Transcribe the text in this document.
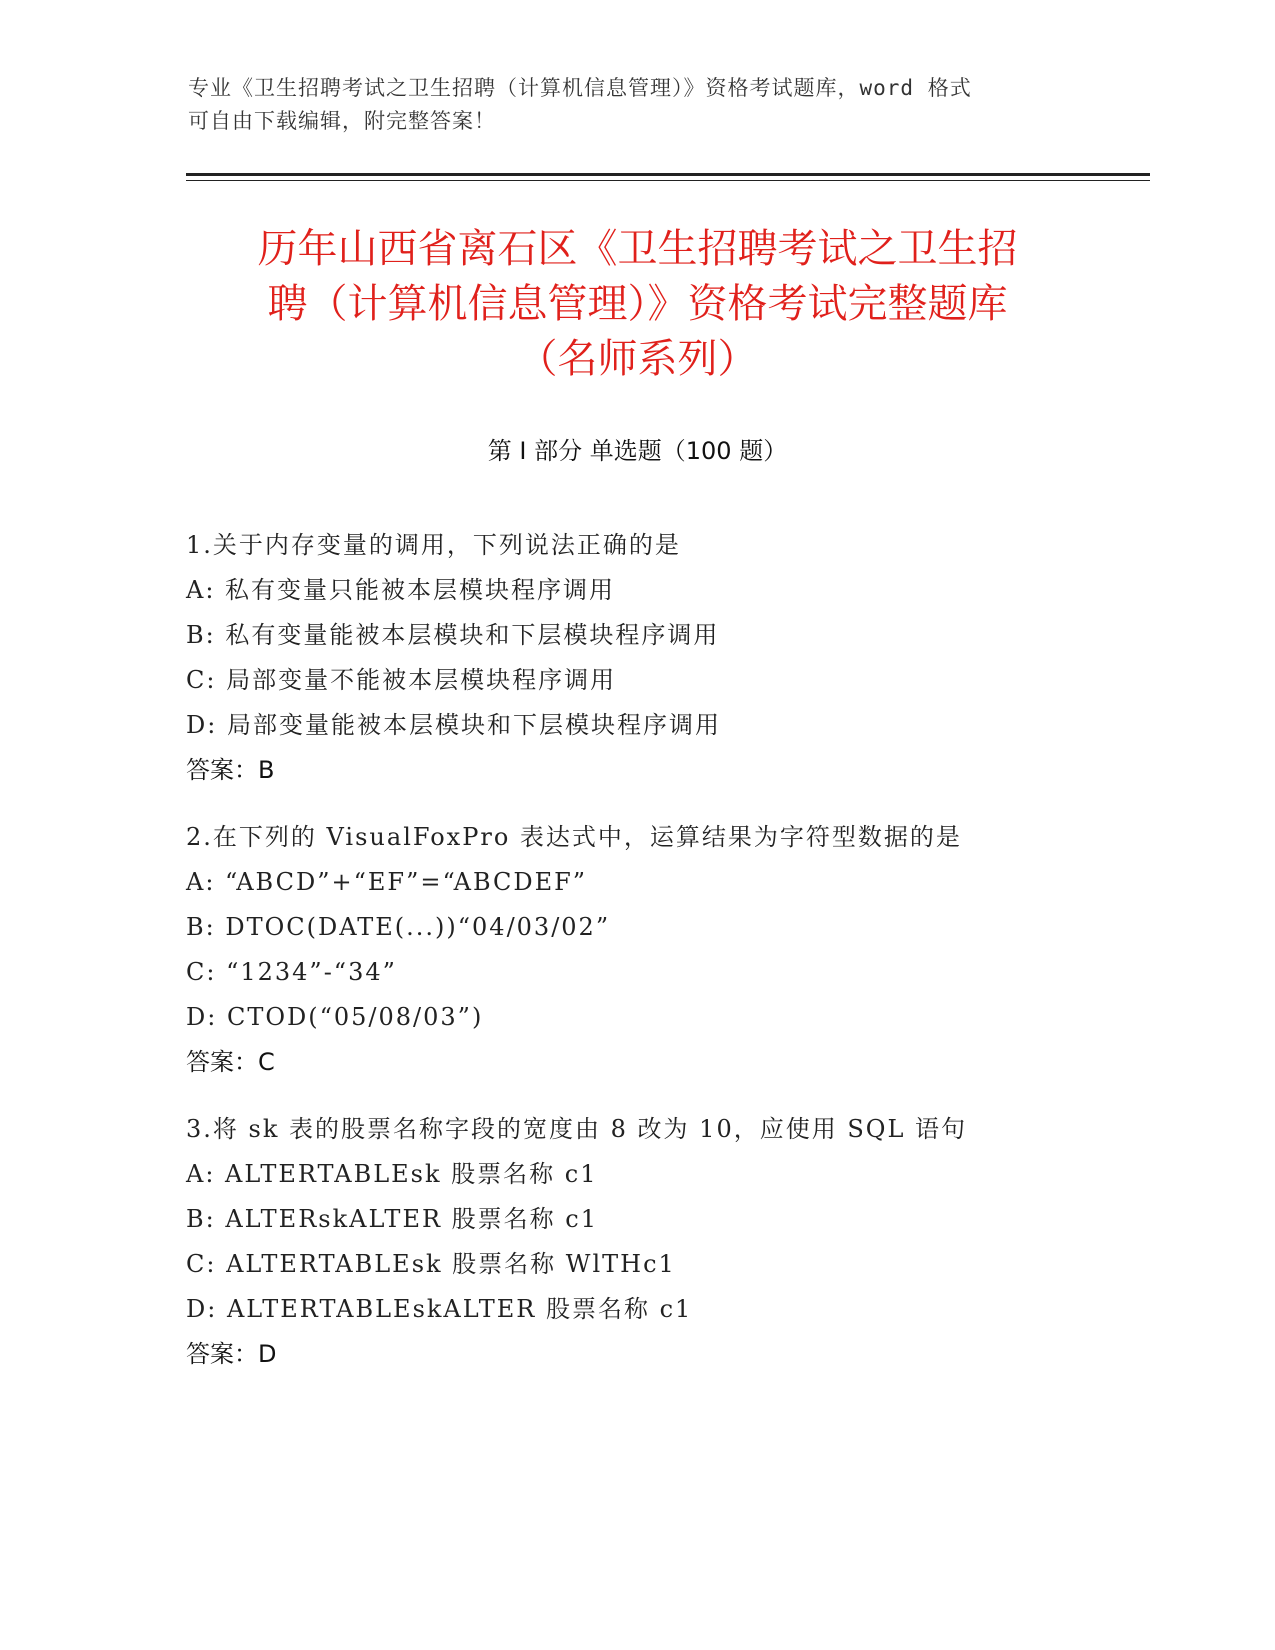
专业《卫生招聘考试之卫生招聘（计算机信息管理）》资格考试题库，word 格式
可自由下载编辑，附完整答案！
历年山西省离石区《卫生招聘考试之卫生招
聘（计算机信息管理）》资格考试完整题库
（名师系列）
第 I 部分 单选题（100 题）
1.关于内存变量的调用，下列说法正确的是
A: 私有变量只能被本层模块程序调用
B: 私有变量能被本层模块和下层模块程序调用
C: 局部变量不能被本层模块程序调用
D: 局部变量能被本层模块和下层模块程序调用
答案：B
2.在下列的 VisualFoxPro 表达式中，运算结果为字符型数据的是
A: “ABCD”+“EF”=“ABCDEF”
B: DTOC(DATE(...))“04/03/02”
C: “1234”-“34”
D: CTOD(“05/08/03”)
答案：C
3.将 sk 表的股票名称字段的宽度由 8 改为 10，应使用 SQL 语句
A: ALTERTABLEsk 股票名称 c1
B: ALTERskALTER 股票名称 c1
C: ALTERTABLEsk 股票名称 WlTHc1
D: ALTERTABLEskALTER 股票名称 c1
答案：D
